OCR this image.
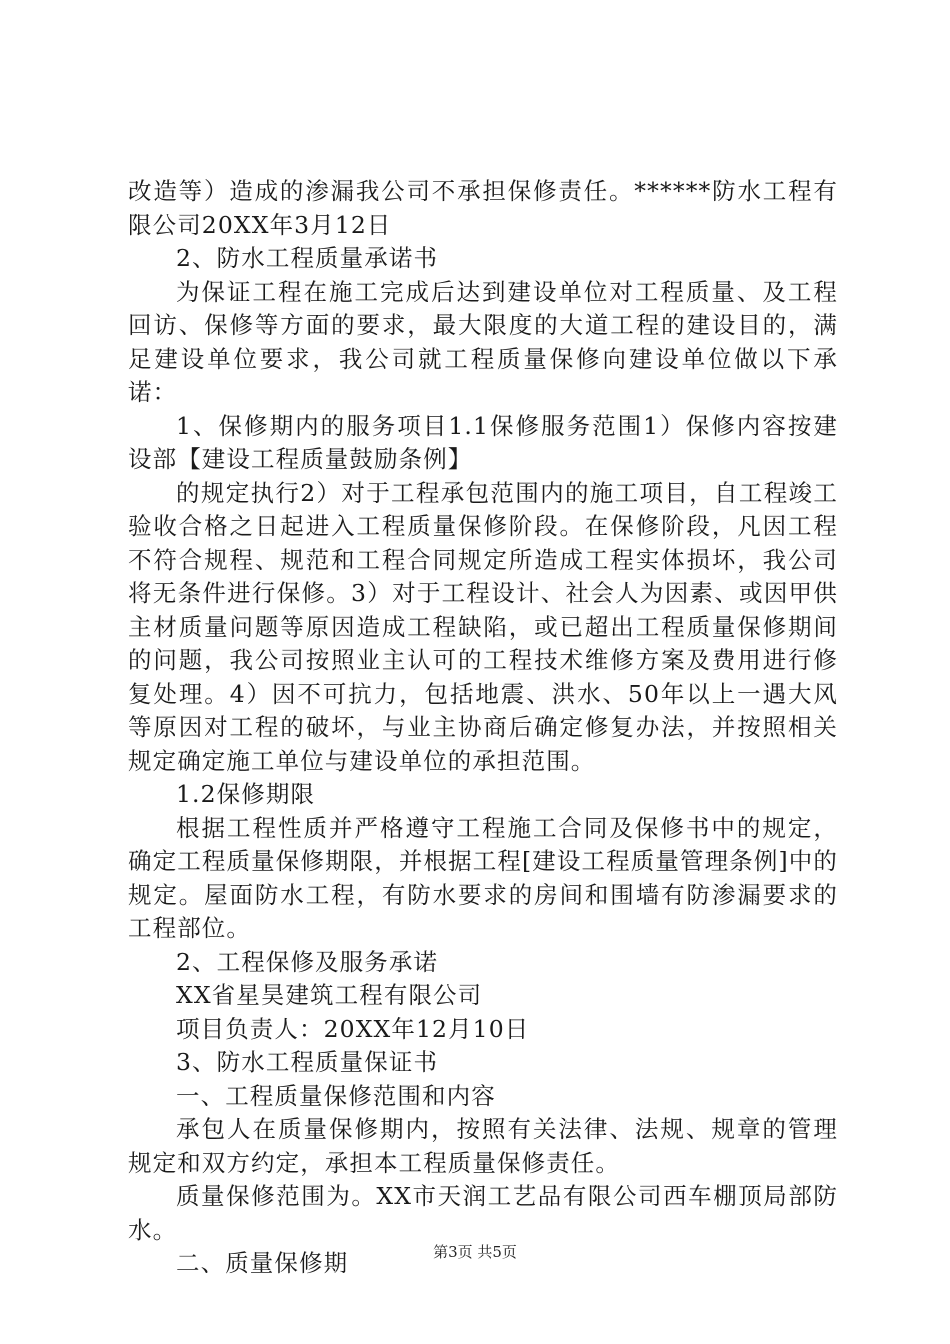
改造等）造成的渗漏我公司不承担保修责任。******防水工程有限公司20XX年3月12日

2、防水工程质量承诺书

为保证工程在施工完成后达到建设单位对工程质量、及工程回访、保修等方面的要求，最大限度的大道工程的建设目的，满足建设单位要求，我公司就工程质量保修向建设单位做以下承诺：

1、保修期内的服务项目1.1保修服务范围1）保修内容按建设部【建设工程质量鼓励条例】

的规定执行2）对于工程承包范围内的施工项目，自工程竣工验收合格之日起进入工程质量保修阶段。在保修阶段，凡因工程不符合规程、规范和工程合同规定所造成工程实体损坏，我公司将无条件进行保修。3）对于工程设计、社会人为因素、或因甲供主材质量问题等原因造成工程缺陷，或已超出工程质量保修期间的问题，我公司按照业主认可的工程技术维修方案及费用进行修复处理。4）因不可抗力，包括地震、洪水、50年以上一遇大风等原因对工程的破坏，与业主协商后确定修复办法，并按照相关规定确定施工单位与建设单位的承担范围。

1.2保修期限

根据工程性质并严格遵守工程施工合同及保修书中的规定，确定工程质量保修期限，并根据工程[建设工程质量管理条例]中的规定。屋面防水工程，有防水要求的房间和围墙有防渗漏要求的工程部位。

2、工程保修及服务承诺

XX省星昊建筑工程有限公司

项目负责人：20XX年12月10日

3、防水工程质量保证书

一、工程质量保修范围和内容

承包人在质量保修期内，按照有关法律、法规、规章的管理规定和双方约定，承担本工程质量保修责任。

质量保修范围为。XX市天润工艺品有限公司西车棚顶局部防水。

二、质量保修期	第3页 共5页
